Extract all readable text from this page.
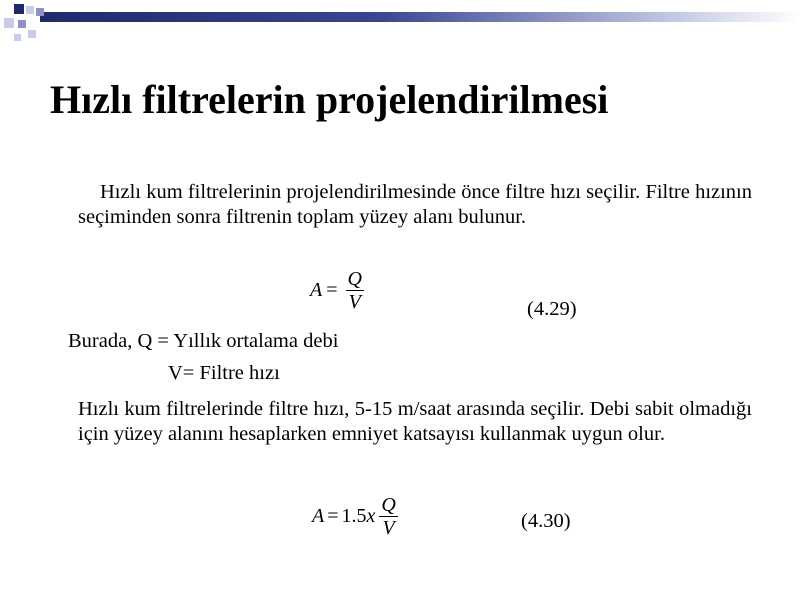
Hızlı filtrelerin projelendirilmesi

Hızlı kum filtrelerinin projelendirilmesinde önce filtre hızı seçilir. Filtre hızının seçiminden sonra filtrenin toplam yüzey alanı bulunur.

$A = \frac{Q}{V}$	(4.29)

Burada, Q = Yıllık ortalama debi

V= Filtre hızı

Hızlı kum filtrelerinde filtre hızı, 5-15 m/saat arasında seçilir. Debi sabit olmadığı için yüzey alanını hesaplarken emniyet katsayısı kullanmak uygun olur.

A = 1.5 x $\frac{Q}{V}$	(4.30)
